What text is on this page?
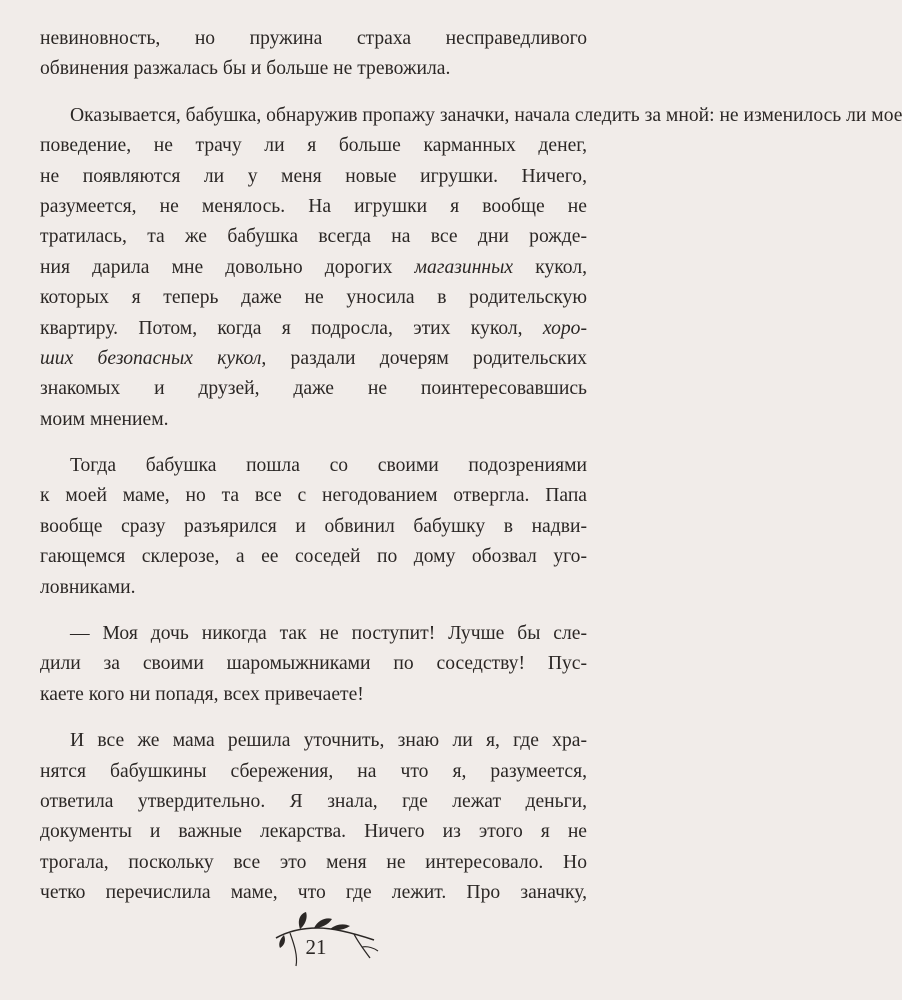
невиновность, но пружина страха несправедливого
обвинения разжалась бы и больше не тревожила.
Оказывается, бабушка, обнаружив пропажу заначки, начала следить за мной: не изменилось ли мое
поведение, не трачу ли я больше карманных денег,
не появляются ли у меня новые игрушки. Ничего,
разумеется, не менялось. На игрушки я вообще не
тратилась, та же бабушка всегда на все дни рожде-
ния дарила мне довольно дорогих магазинных кукол,
которых я теперь даже не уносила в родительскую
квартиру. Потом, когда я подросла, этих кукол, хоро-
ших безопасных кукол, раздали дочерям родительских
знакомых и друзей, даже не поинтересовавшись
моим мнением.
Тогда бабушка пошла со своими подозрениями
к моей маме, но та все с негодованием отвергла. Папа
вообще сразу разъярился и обвинил бабушку в надви-
гающемся склерозе, а ее соседей по дому обозвал уго-
ловниками.
— Моя дочь никогда так не поступит! Лучше бы сле-
дили за своими шаромыжниками по соседству! Пус-
каете кого ни попадя, всех привечаете!
И все же мама решила уточнить, знаю ли я, где хра-
нятся бабушкины сбережения, на что я, разумеется,
ответила утвердительно. Я знала, где лежат деньги,
документы и важные лекарства. Ничего из этого я не
трогала, поскольку все это меня не интересовало. Но
четко перечислила маме, что где лежит. Про заначку,
21
